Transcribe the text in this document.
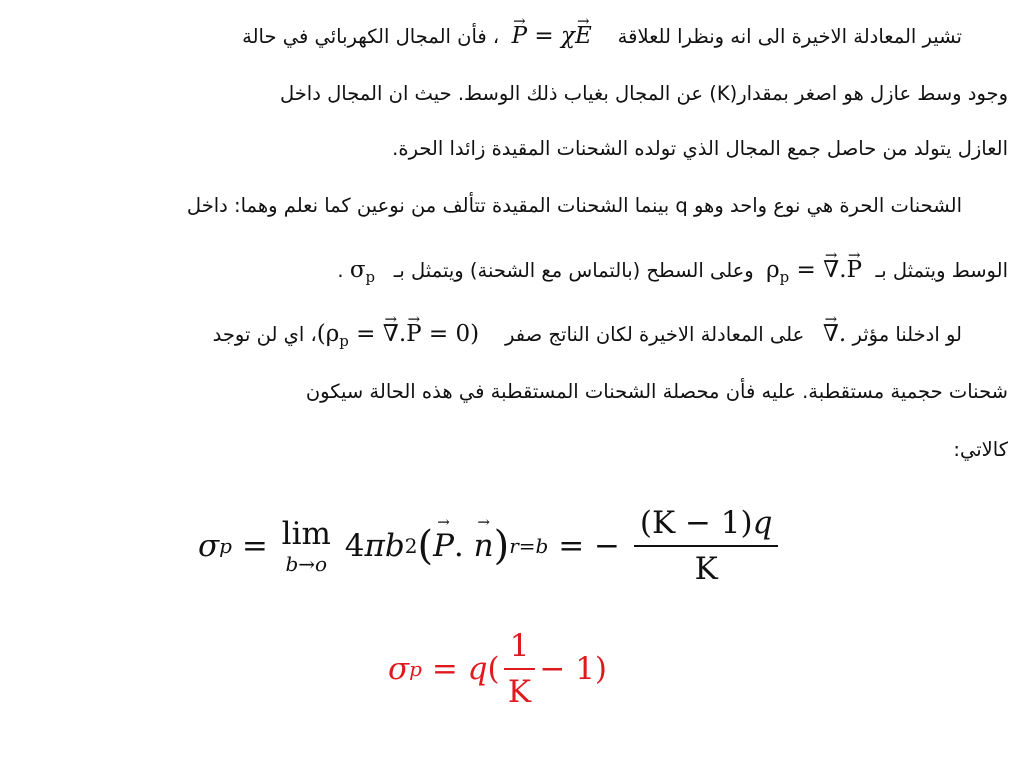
تشير المعادلة الاخيرة الى انه ونظرا للعلاقة   → P = χ→ E   ، فأن المجال الكهربائي في حالة
وجود وسط عازل هو اصغر بمقدار(K) عن المجال بغياب ذلك الوسط. حيث ان المجال داخل
العازل يتولد من حاصل جمع المجال الذي تولده الشحنات المقيدة زائدا الحرة.
الشحنات الحرة هي نوع واحد وهو q بينما الشحنات المقيدة تتألف من نوعين كما نعلم وهما: داخل
الوسط ويتمثل بـ $\rho_p$ = → ∇.→ P   وعلى السطح (بالتماس مع الشحنة) ويتمثل بـ   $\sigma_p$ .
لو ادخلنا مؤثر → ∇.   على المعادلة الاخيرة لكان الناتج صفر   ($\rho_p$ = → ∇.→ P = 0) ، اي لن توجد
شحنات حجمية مستقطبة. عليه فأن محصلة الشحنات المستقطبة في هذه الحالة سيكون
كالاتي:
σ p = lim
b→o 4 π b 2 ( → P . → n ) r=b = − $\frac{(K - 1)q}{K}$
σ p = q ( $\frac{1}{K} - 1$)
